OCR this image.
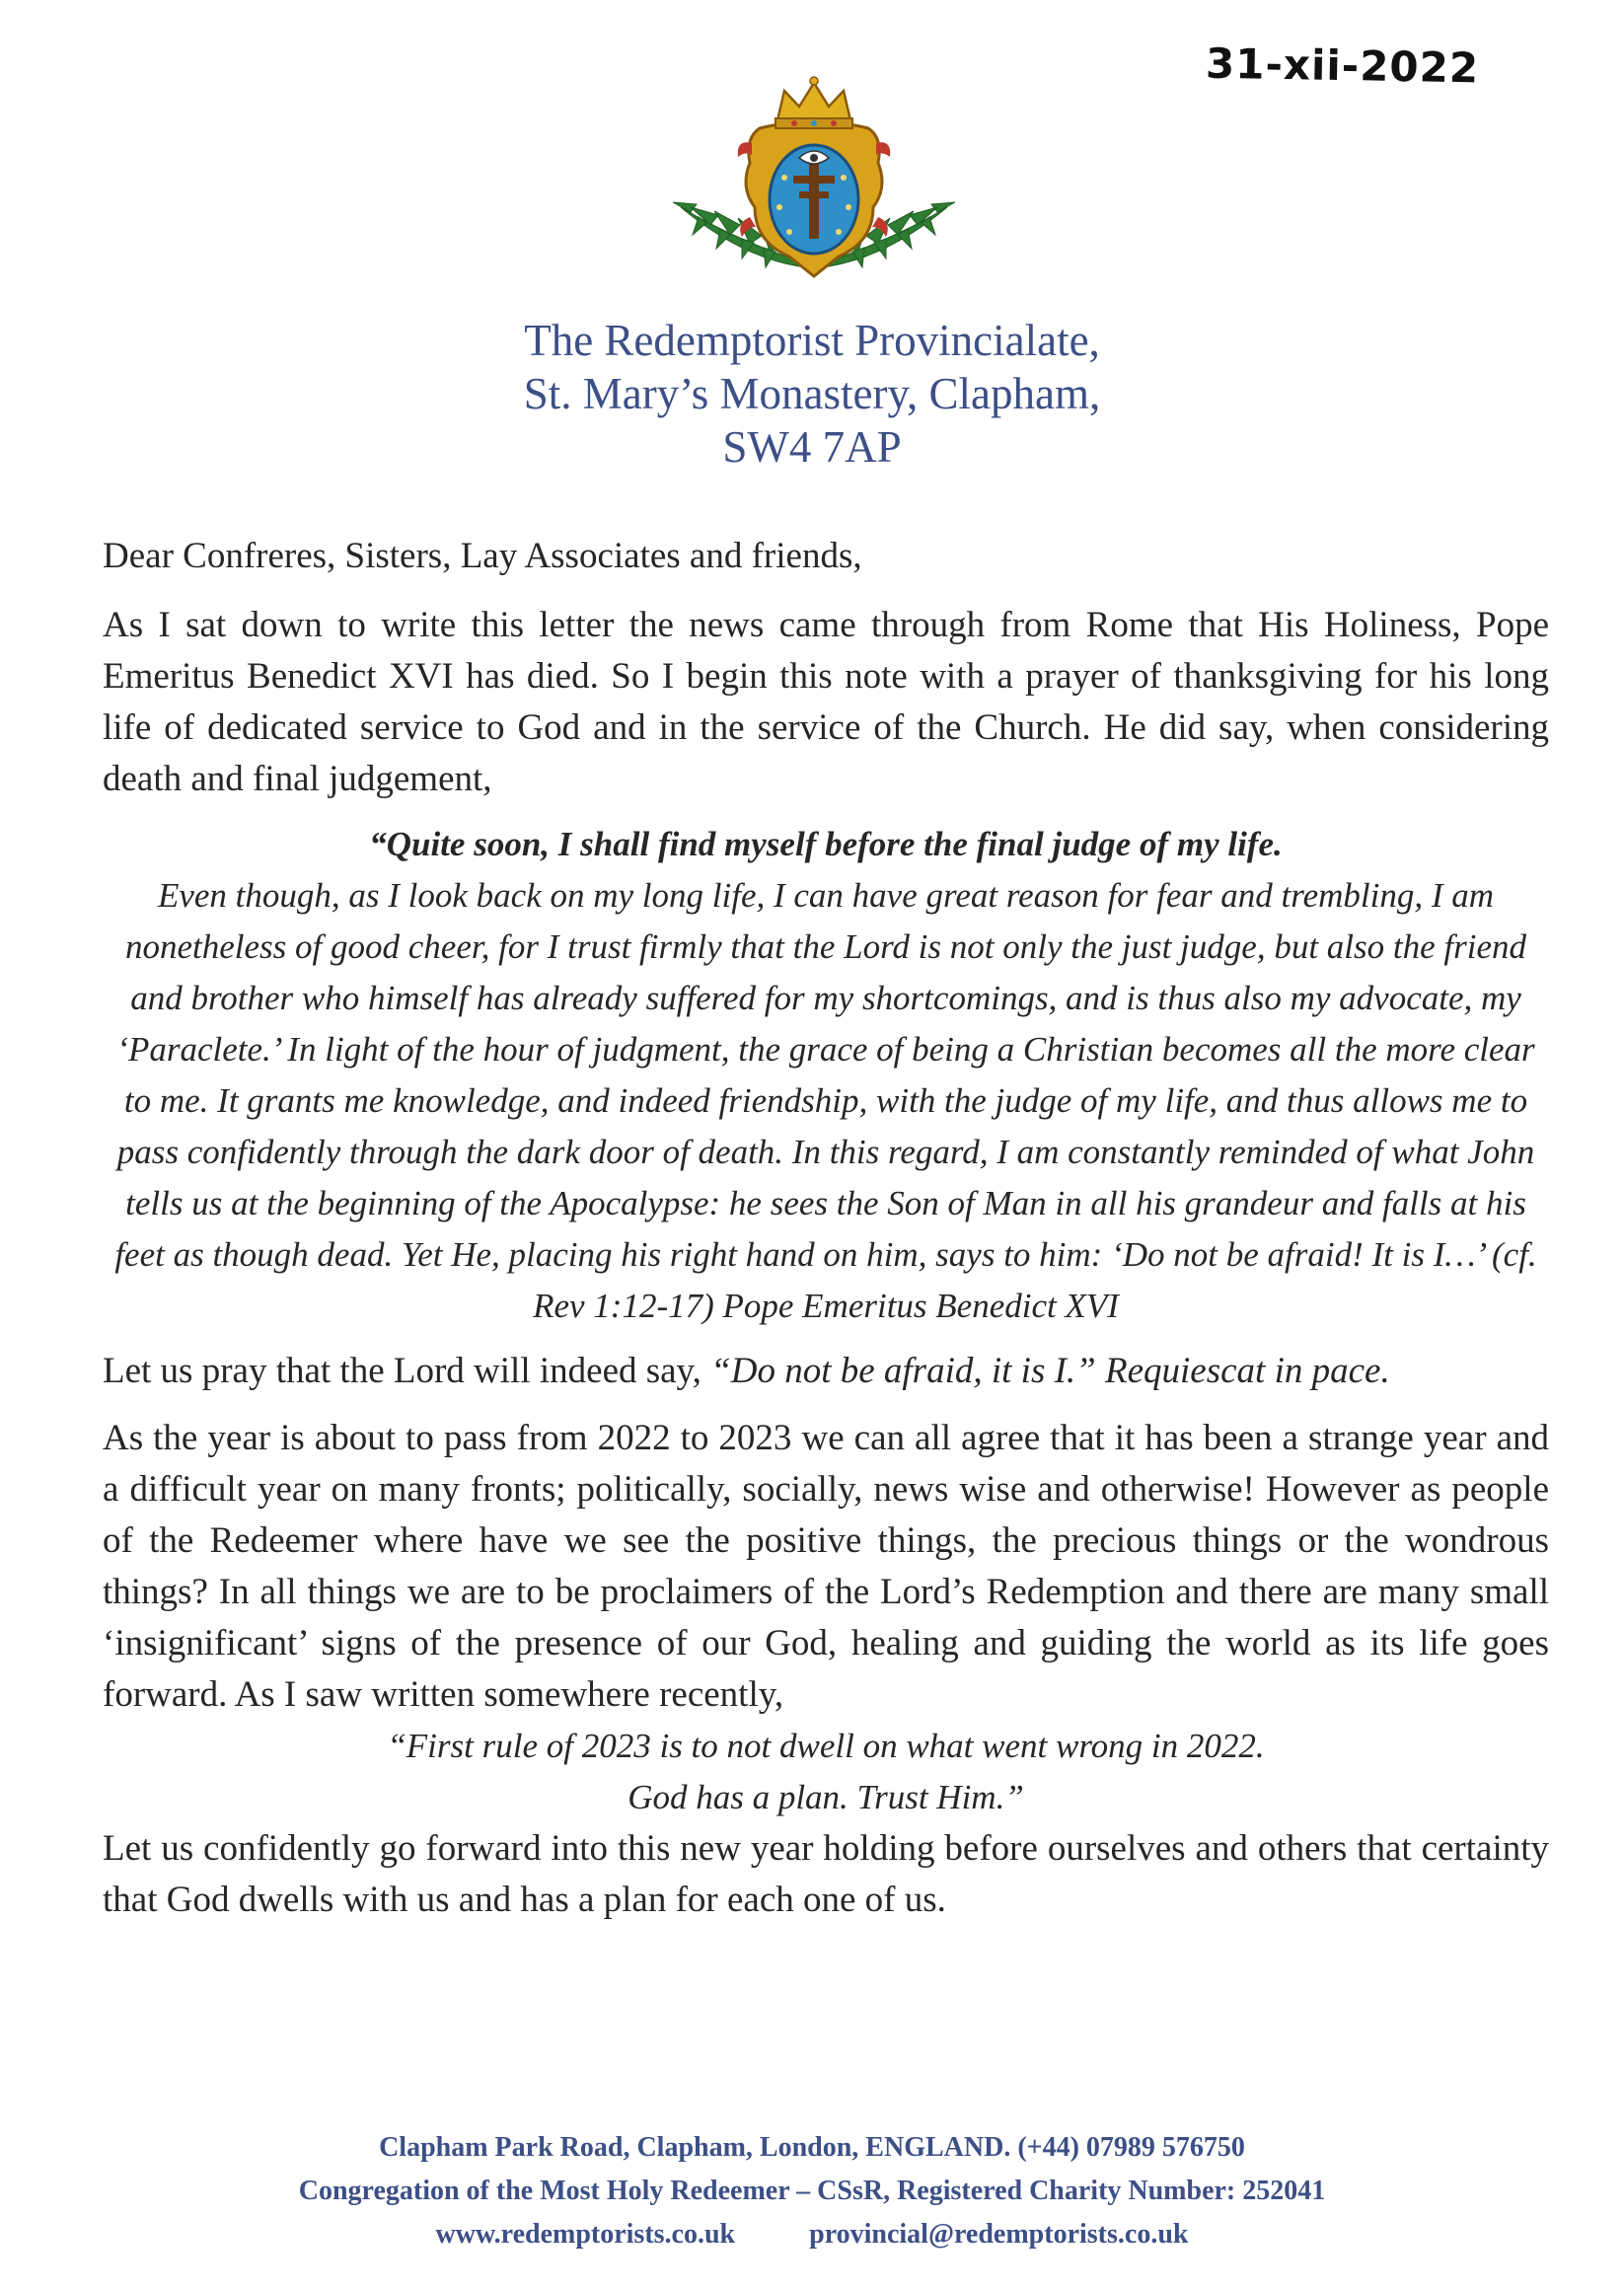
31-xii-2022
The Redemptorist Provincialate,
St. Mary’s Monastery, Clapham,
SW4 7AP

Dear Confreres, Sisters, Lay Associates and friends,

As I sat down to write this letter the news came through from Rome that His Holiness, Pope Emeritus Benedict XVI has died. So I begin this note with a prayer of thanksgiving for his long life of dedicated service to God and in the service of the Church. He did say, when considering death and final judgement,

“Quite soon, I shall find myself before the final judge of my life.
Even though, as I look back on my long life, I can have great reason for fear and trembling, I am nonetheless of good cheer, for I trust firmly that the Lord is not only the just judge, but also the friend and brother who himself has already suffered for my shortcomings, and is thus also my advocate, my ‘Paraclete.’ In light of the hour of judgment, the grace of being a Christian becomes all the more clear to me. It grants me knowledge, and indeed friendship, with the judge of my life, and thus allows me to pass confidently through the dark door of death. In this regard, I am constantly reminded of what John tells us at the beginning of the Apocalypse: he sees the Son of Man in all his grandeur and falls at his feet as though dead. Yet He, placing his right hand on him, says to him: ‘Do not be afraid! It is I…’ (cf. Rev 1:12-17) Pope Emeritus Benedict XVI

Let us pray that the Lord will indeed say, “Do not be afraid, it is I.” Requiescat in pace.

As the year is about to pass from 2022 to 2023 we can all agree that it has been a strange year and a difficult year on many fronts; politically, socially, news wise and otherwise! However as people of the Redeemer where have we see the positive things, the precious things or the wondrous things? In all things we are to be proclaimers of the Lord’s Redemption and there are many small ‘insignificant’ signs of the presence of our God, healing and guiding the world as its life goes forward. As I saw written somewhere recently,

“First rule of 2023 is to not dwell on what went wrong in 2022.
God has a plan. Trust Him.”

Let us confidently go forward into this new year holding before ourselves and others that certainty that God dwells with us and has a plan for each one of us.

Clapham Park Road, Clapham, London, ENGLAND. (+44) 07989 576750
Congregation of the Most Holy Redeemer – CSsR, Registered Charity Number: 252041
www.redemptorists.co.uk	provincial@redemptorists.co.uk
